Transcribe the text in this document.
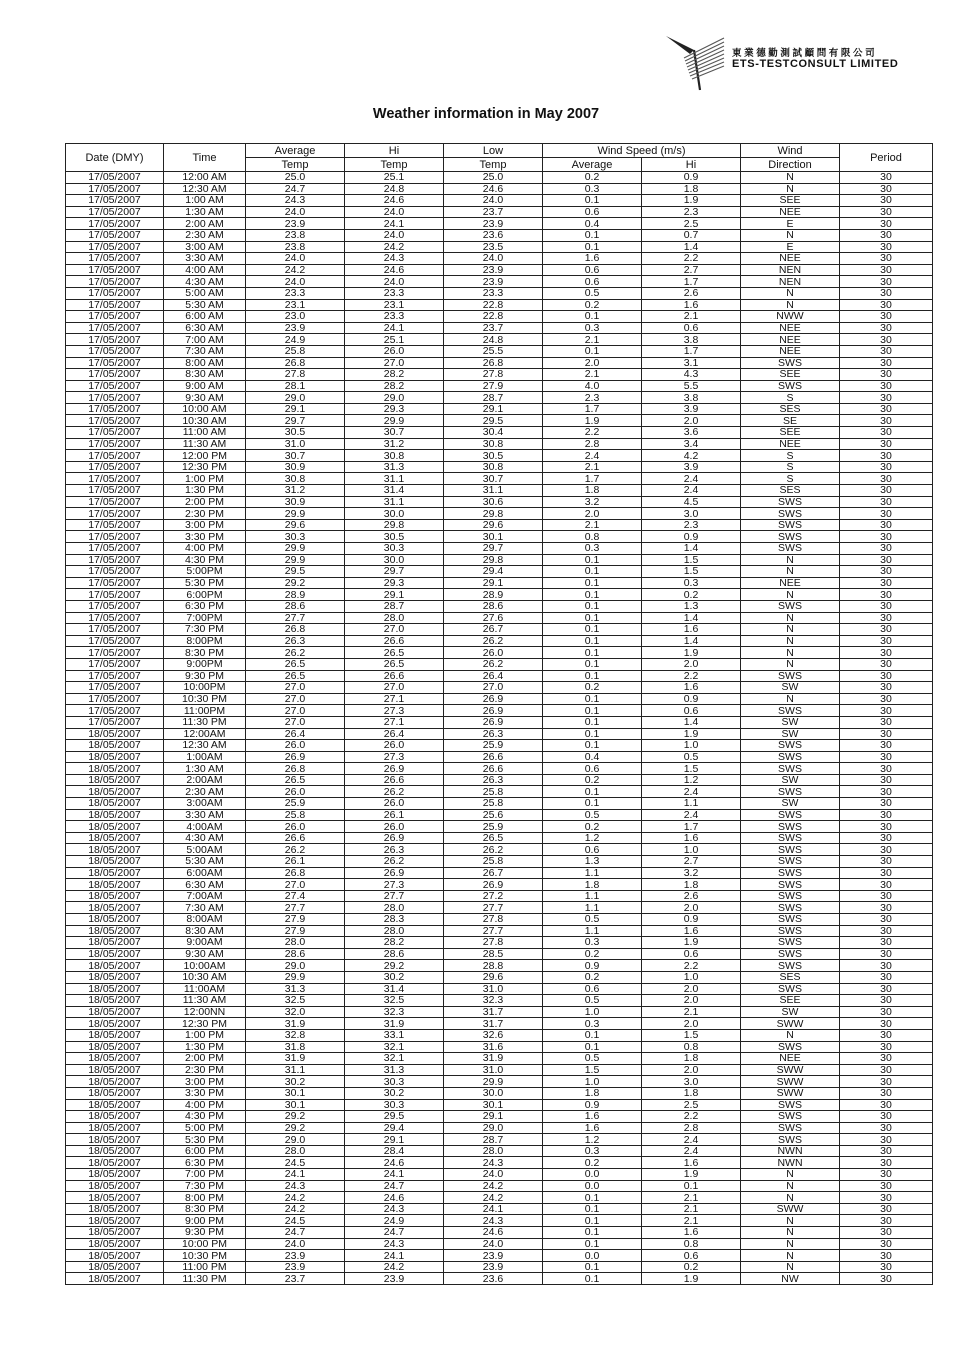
東業德勤測試顧問有限公司
ETS-TESTCONSULT LIMITED
Weather information in May 2007
Date (DMY)	Time	Average	Hi	Low	Wind Speed (m/s)		Wind	Period
		Temp	Temp	Temp	Average	Hi	Direction	
17/05/2007	12:00 AM	25.0	25.1	25.0	0.2	0.9	N	30
17/05/2007	12:30 AM	24.7	24.8	24.6	0.3	1.8	N	30
17/05/2007	1:00 AM	24.3	24.6	24.0	0.1	1.9	SEE	30
17/05/2007	1:30 AM	24.0	24.0	23.7	0.6	2.3	NEE	30
17/05/2007	2:00 AM	23.9	24.1	23.9	0.4	2.5	E	30
17/05/2007	2:30 AM	23.8	24.0	23.6	0.1	0.7	N	30
17/05/2007	3:00 AM	23.8	24.2	23.5	0.1	1.4	E	30
17/05/2007	3:30 AM	24.0	24.3	24.0	1.6	2.2	NEE	30
17/05/2007	4:00 AM	24.2	24.6	23.9	0.6	2.7	NEN	30
17/05/2007	4:30 AM	24.0	24.0	23.9	0.6	1.7	NEN	30
17/05/2007	5:00 AM	23.3	23.3	23.3	0.5	2.6	N	30
17/05/2007	5:30 AM	23.1	23.1	22.8	0.2	1.6	N	30
17/05/2007	6:00 AM	23.0	23.3	22.8	0.1	2.1	NWW	30
17/05/2007	6:30 AM	23.9	24.1	23.7	0.3	0.6	NEE	30
17/05/2007	7:00 AM	24.9	25.1	24.8	2.1	3.8	NEE	30
17/05/2007	7:30 AM	25.8	26.0	25.5	0.1	1.7	NEE	30
17/05/2007	8:00 AM	26.8	27.0	26.8	2.0	3.1	SWS	30
17/05/2007	8:30 AM	27.8	28.2	27.8	2.1	4.3	SEE	30
17/05/2007	9:00 AM	28.1	28.2	27.9	4.0	5.5	SWS	30
17/05/2007	9:30 AM	29.0	29.0	28.7	2.3	3.8	S	30
17/05/2007	10:00 AM	29.1	29.3	29.1	1.7	3.9	SES	30
17/05/2007	10:30 AM	29.7	29.9	29.5	1.9	2.0	SE	30
17/05/2007	11:00 AM	30.5	30.7	30.4	2.2	3.6	SEE	30
17/05/2007	11:30 AM	31.0	31.2	30.8	2.8	3.4	NEE	30
17/05/2007	12:00 PM	30.7	30.8	30.5	2.4	4.2	S	30
17/05/2007	12:30 PM	30.9	31.3	30.8	2.1	3.9	S	30
17/05/2007	1:00 PM	30.8	31.1	30.7	1.7	2.4	S	30
17/05/2007	1:30 PM	31.2	31.4	31.1	1.8	2.4	SES	30
17/05/2007	2:00 PM	30.9	31.1	30.6	3.2	4.5	SWS	30
17/05/2007	2:30 PM	29.9	30.0	29.8	2.0	3.0	SWS	30
17/05/2007	3:00 PM	29.6	29.8	29.6	2.1	2.3	SWS	30
17/05/2007	3:30 PM	30.3	30.5	30.1	0.8	0.9	SWS	30
17/05/2007	4:00 PM	29.9	30.3	29.7	0.3	1.4	SWS	30
17/05/2007	4:30 PM	29.9	30.0	29.8	0.1	1.5	N	30
17/05/2007	5:00PM	29.5	29.7	29.4	0.1	1.5	N	30
17/05/2007	5:30 PM	29.2	29.3	29.1	0.1	0.3	NEE	30
17/05/2007	6:00PM	28.9	29.1	28.9	0.1	0.2	N	30
17/05/2007	6:30 PM	28.6	28.7	28.6	0.1	1.3	SWS	30
17/05/2007	7:00PM	27.7	28.0	27.6	0.1	1.4	N	30
17/05/2007	7:30 PM	26.8	27.0	26.7	0.1	1.6	N	30
17/05/2007	8:00PM	26.3	26.6	26.2	0.1	1.4	N	30
17/05/2007	8:30 PM	26.2	26.5	26.0	0.1	1.9	N	30
17/05/2007	9:00PM	26.5	26.5	26.2	0.1	2.0	N	30
17/05/2007	9:30 PM	26.5	26.6	26.4	0.1	2.2	SWS	30
17/05/2007	10:00PM	27.0	27.0	27.0	0.2	1.6	SW	30
17/05/2007	10:30 PM	27.0	27.1	26.9	0.1	0.9	N	30
17/05/2007	11:00PM	27.0	27.3	26.9	0.1	0.6	SWS	30
17/05/2007	11:30 PM	27.0	27.1	26.9	0.1	1.4	SW	30
18/05/2007	12:00AM	26.4	26.4	26.3	0.1	1.9	SW	30
18/05/2007	12:30 AM	26.0	26.0	25.9	0.1	1.0	SWS	30
18/05/2007	1:00AM	26.9	27.3	26.6	0.4	0.5	SWS	30
18/05/2007	1:30 AM	26.8	26.9	26.6	0.6	1.5	SWS	30
18/05/2007	2:00AM	26.5	26.6	26.3	0.2	1.2	SW	30
18/05/2007	2:30 AM	26.0	26.2	25.8	0.1	2.4	SWS	30
18/05/2007	3:00AM	25.9	26.0	25.8	0.1	1.1	SW	30
18/05/2007	3:30 AM	25.8	26.1	25.6	0.5	2.4	SWS	30
18/05/2007	4:00AM	26.0	26.0	25.9	0.2	1.7	SWS	30
18/05/2007	4:30 AM	26.6	26.9	26.5	1.2	1.6	SWS	30
18/05/2007	5:00AM	26.2	26.3	26.2	0.6	1.0	SWS	30
18/05/2007	5:30 AM	26.1	26.2	25.8	1.3	2.7	SWS	30
18/05/2007	6:00AM	26.8	26.9	26.7	1.1	3.2	SWS	30
18/05/2007	6:30 AM	27.0	27.3	26.9	1.8	1.8	SWS	30
18/05/2007	7:00AM	27.4	27.7	27.2	1.1	2.6	SWS	30
18/05/2007	7:30 AM	27.7	28.0	27.7	1.1	2.0	SWS	30
18/05/2007	8:00AM	27.9	28.3	27.8	0.5	0.9	SWS	30
18/05/2007	8:30 AM	27.9	28.0	27.7	1.1	1.6	SWS	30
18/05/2007	9:00AM	28.0	28.2	27.8	0.3	1.9	SWS	30
18/05/2007	9:30 AM	28.6	28.6	28.5	0.2	0.6	SWS	30
18/05/2007	10:00AM	29.0	29.2	28.8	0.9	2.2	SWS	30
18/05/2007	10:30 AM	29.9	30.2	29.6	0.2	1.0	SES	30
18/05/2007	11:00AM	31.3	31.4	31.0	0.6	2.0	SWS	30
18/05/2007	11:30 AM	32.5	32.5	32.3	0.5	2.0	SEE	30
18/05/2007	12:00NN	32.0	32.3	31.7	1.0	2.1	SW	30
18/05/2007	12:30 PM	31.9	31.9	31.7	0.3	2.0	SWW	30
18/05/2007	1:00 PM	32.8	33.1	32.6	0.1	1.5	N	30
18/05/2007	1:30 PM	31.8	32.1	31.6	0.1	0.8	SWS	30
18/05/2007	2:00 PM	31.9	32.1	31.9	0.5	1.8	NEE	30
18/05/2007	2:30 PM	31.1	31.3	31.0	1.5	2.0	SWW	30
18/05/2007	3:00 PM	30.2	30.3	29.9	1.0	3.0	SWW	30
18/05/2007	3:30 PM	30.1	30.2	30.0	1.8	1.8	SWW	30
18/05/2007	4:00 PM	30.1	30.3	30.1	0.9	2.5	SWS	30
18/05/2007	4:30 PM	29.2	29.5	29.1	1.6	2.2	SWS	30
18/05/2007	5:00 PM	29.2	29.4	29.0	1.6	2.8	SWS	30
18/05/2007	5:30 PM	29.0	29.1	28.7	1.2	2.4	SWS	30
18/05/2007	6:00 PM	28.0	28.4	28.0	0.3	2.4	NWN	30
18/05/2007	6:30 PM	24.5	24.6	24.3	0.2	1.6	NWN	30
18/05/2007	7:00 PM	24.1	24.1	24.0	0.0	1.9	N	30
18/05/2007	7:30 PM	24.3	24.7	24.2	0.0	0.1	N	30
18/05/2007	8:00 PM	24.2	24.6	24.2	0.1	2.1	N	30
18/05/2007	8:30 PM	24.2	24.3	24.1	0.1	2.1	SWW	30
18/05/2007	9:00 PM	24.5	24.9	24.3	0.1	2.1	N	30
18/05/2007	9:30 PM	24.7	24.7	24.6	0.1	1.6	N	30
18/05/2007	10:00 PM	24.0	24.3	24.0	0.1	0.8	N	30
18/05/2007	10:30 PM	23.9	24.1	23.9	0.0	0.6	N	30
18/05/2007	11:00 PM	23.9	24.2	23.9	0.1	0.2	N	30
18/05/2007	11:30 PM	23.7	23.9	23.6	0.1	1.9	NW	30
